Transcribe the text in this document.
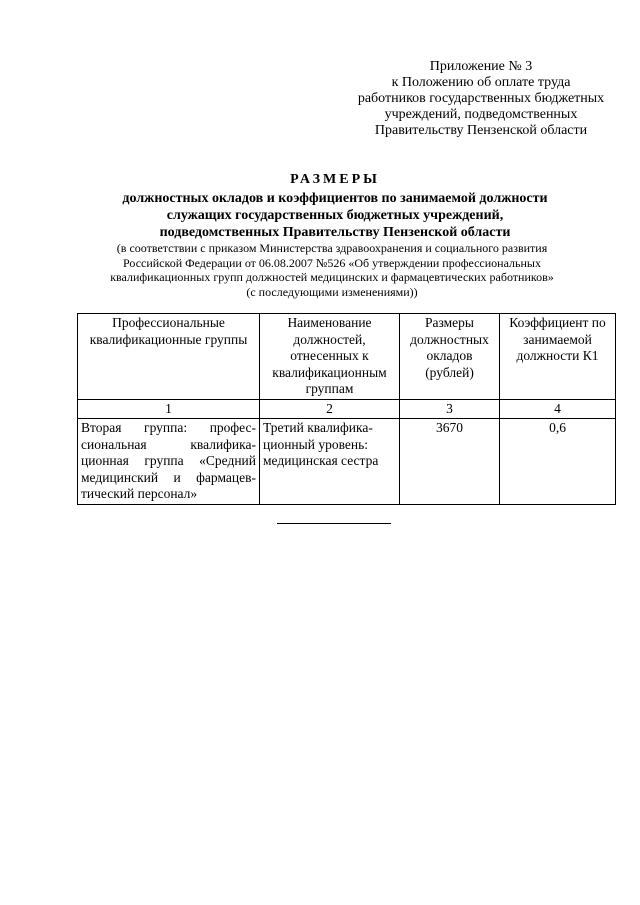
Приложение № 3
к Положению об оплате труда
работников государственных бюджетных
учреждений, подведомственных
Правительству Пензенской области
РАЗМЕРЫ
должностных окладов и коэффициентов по занимаемой должности
служащих государственных бюджетных учреждений,
подведомственных Правительству Пензенской области
(в соответствии с приказом Министерства здравоохранения и социального развития
Российской Федерации от 06.08.2007 №526 «Об утверждении профессиональных
квалификационных групп должностей медицинских и фармацевтических работников»
(с последующими изменениями))
Профессиональные квалификационные группы	Наименование должностей, отнесенных к квалификационным группам	Размеры должностных окладов (рублей)	Коэффициент по занимаемой должности К1
1	2	3	4

Вторая группа: профес-
сиональная квалифика-
ционная группа «Средний
медицинский и фармацев-
тический персонал»	Третий квалифика-
ционный уровень:
медицинская сестра	3670	0,6
